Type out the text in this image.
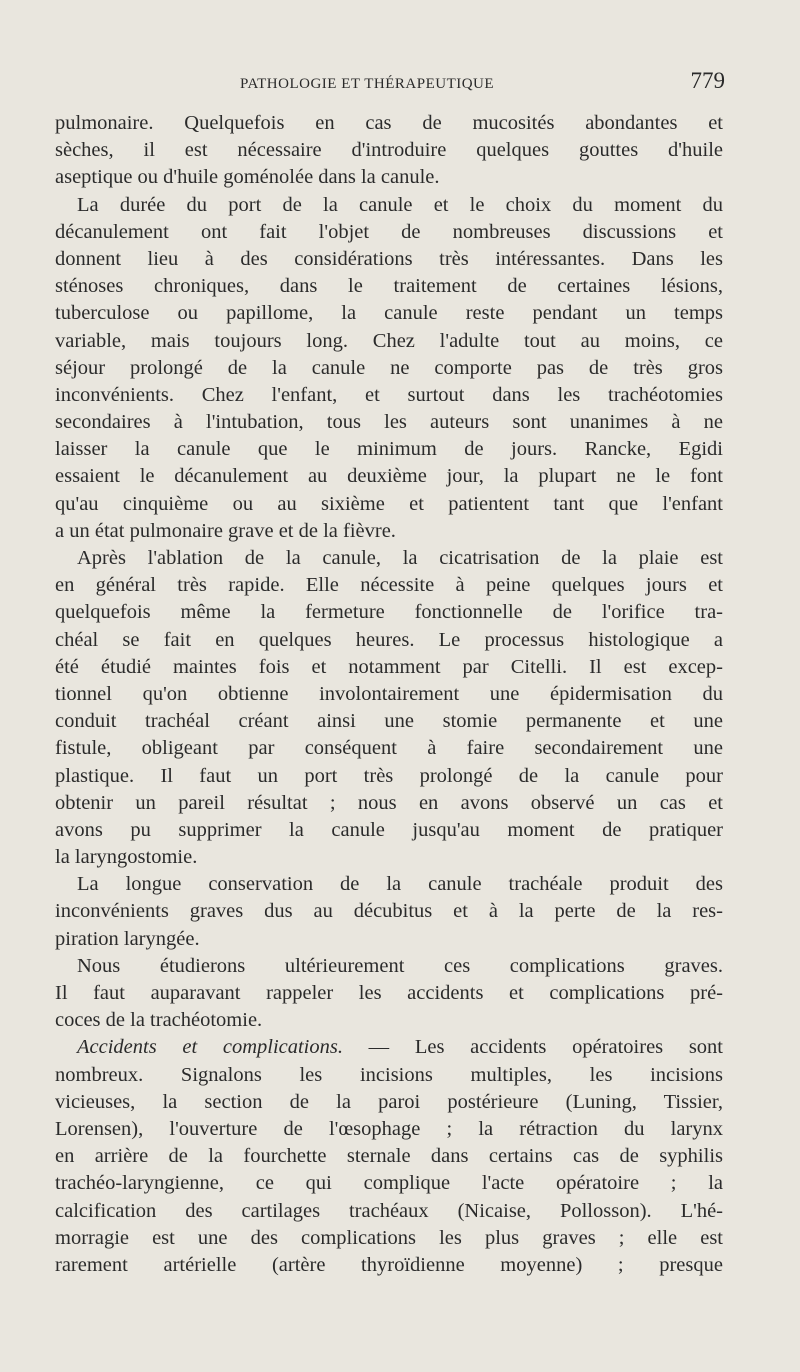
PATHOLOGIE ET THÉRAPEUTIQUE	779
pulmonaire. Quelquefois en cas de mucosités abondantes et
sèches, il est nécessaire d'introduire quelques gouttes d'huile
aseptique ou d'huile goménolée dans la canule.
La durée du port de la canule et le choix du moment du
décanulement ont fait l'objet de nombreuses discussions et
donnent lieu à des considérations très intéressantes. Dans les
sténoses chroniques, dans le traitement de certaines lésions,
tuberculose ou papillome, la canule reste pendant un temps
variable, mais toujours long. Chez l'adulte tout au moins, ce
séjour prolongé de la canule ne comporte pas de très gros
inconvénients. Chez l'enfant, et surtout dans les trachéotomies
secondaires à l'intubation, tous les auteurs sont unanimes à ne
laisser la canule que le minimum de jours. Rancke, Egidi
essaient le décanulement au deuxième jour, la plupart ne le font
qu'au cinquième ou au sixième et patientent tant que l'enfant
a un état pulmonaire grave et de la fièvre.
Après l'ablation de la canule, la cicatrisation de la plaie est
en général très rapide. Elle nécessite à peine quelques jours et
quelquefois même la fermeture fonctionnelle de l'orifice tra-
chéal se fait en quelques heures. Le processus histologique a
été étudié maintes fois et notamment par Citelli. Il est excep-
tionnel qu'on obtienne involontairement une épidermisation du
conduit trachéal créant ainsi une stomie permanente et une
fistule, obligeant par conséquent à faire secondairement une
plastique. Il faut un port très prolongé de la canule pour
obtenir un pareil résultat ; nous en avons observé un cas et
avons pu supprimer la canule jusqu'au moment de pratiquer
la laryngostomie.
La longue conservation de la canule trachéale produit des
inconvénients graves dus au décubitus et à la perte de la res-
piration laryngée.
Nous étudierons ultérieurement ces complications graves.
Il faut auparavant rappeler les accidents et complications pré-
coces de la trachéotomie.
Accidents et complications. — Les accidents opératoires sont
nombreux. Signalons les incisions multiples, les incisions
vicieuses, la section de la paroi postérieure (Luning, Tissier,
Lorensen), l'ouverture de l'œsophage ; la rétraction du larynx
en arrière de la fourchette sternale dans certains cas de syphilis
trachéo-laryngienne, ce qui complique l'acte opératoire ; la
calcification des cartilages trachéaux (Nicaise, Pollosson). L'hé-
morragie est une des complications les plus graves ; elle est
rarement artérielle (artère thyroïdienne moyenne) ; presque
